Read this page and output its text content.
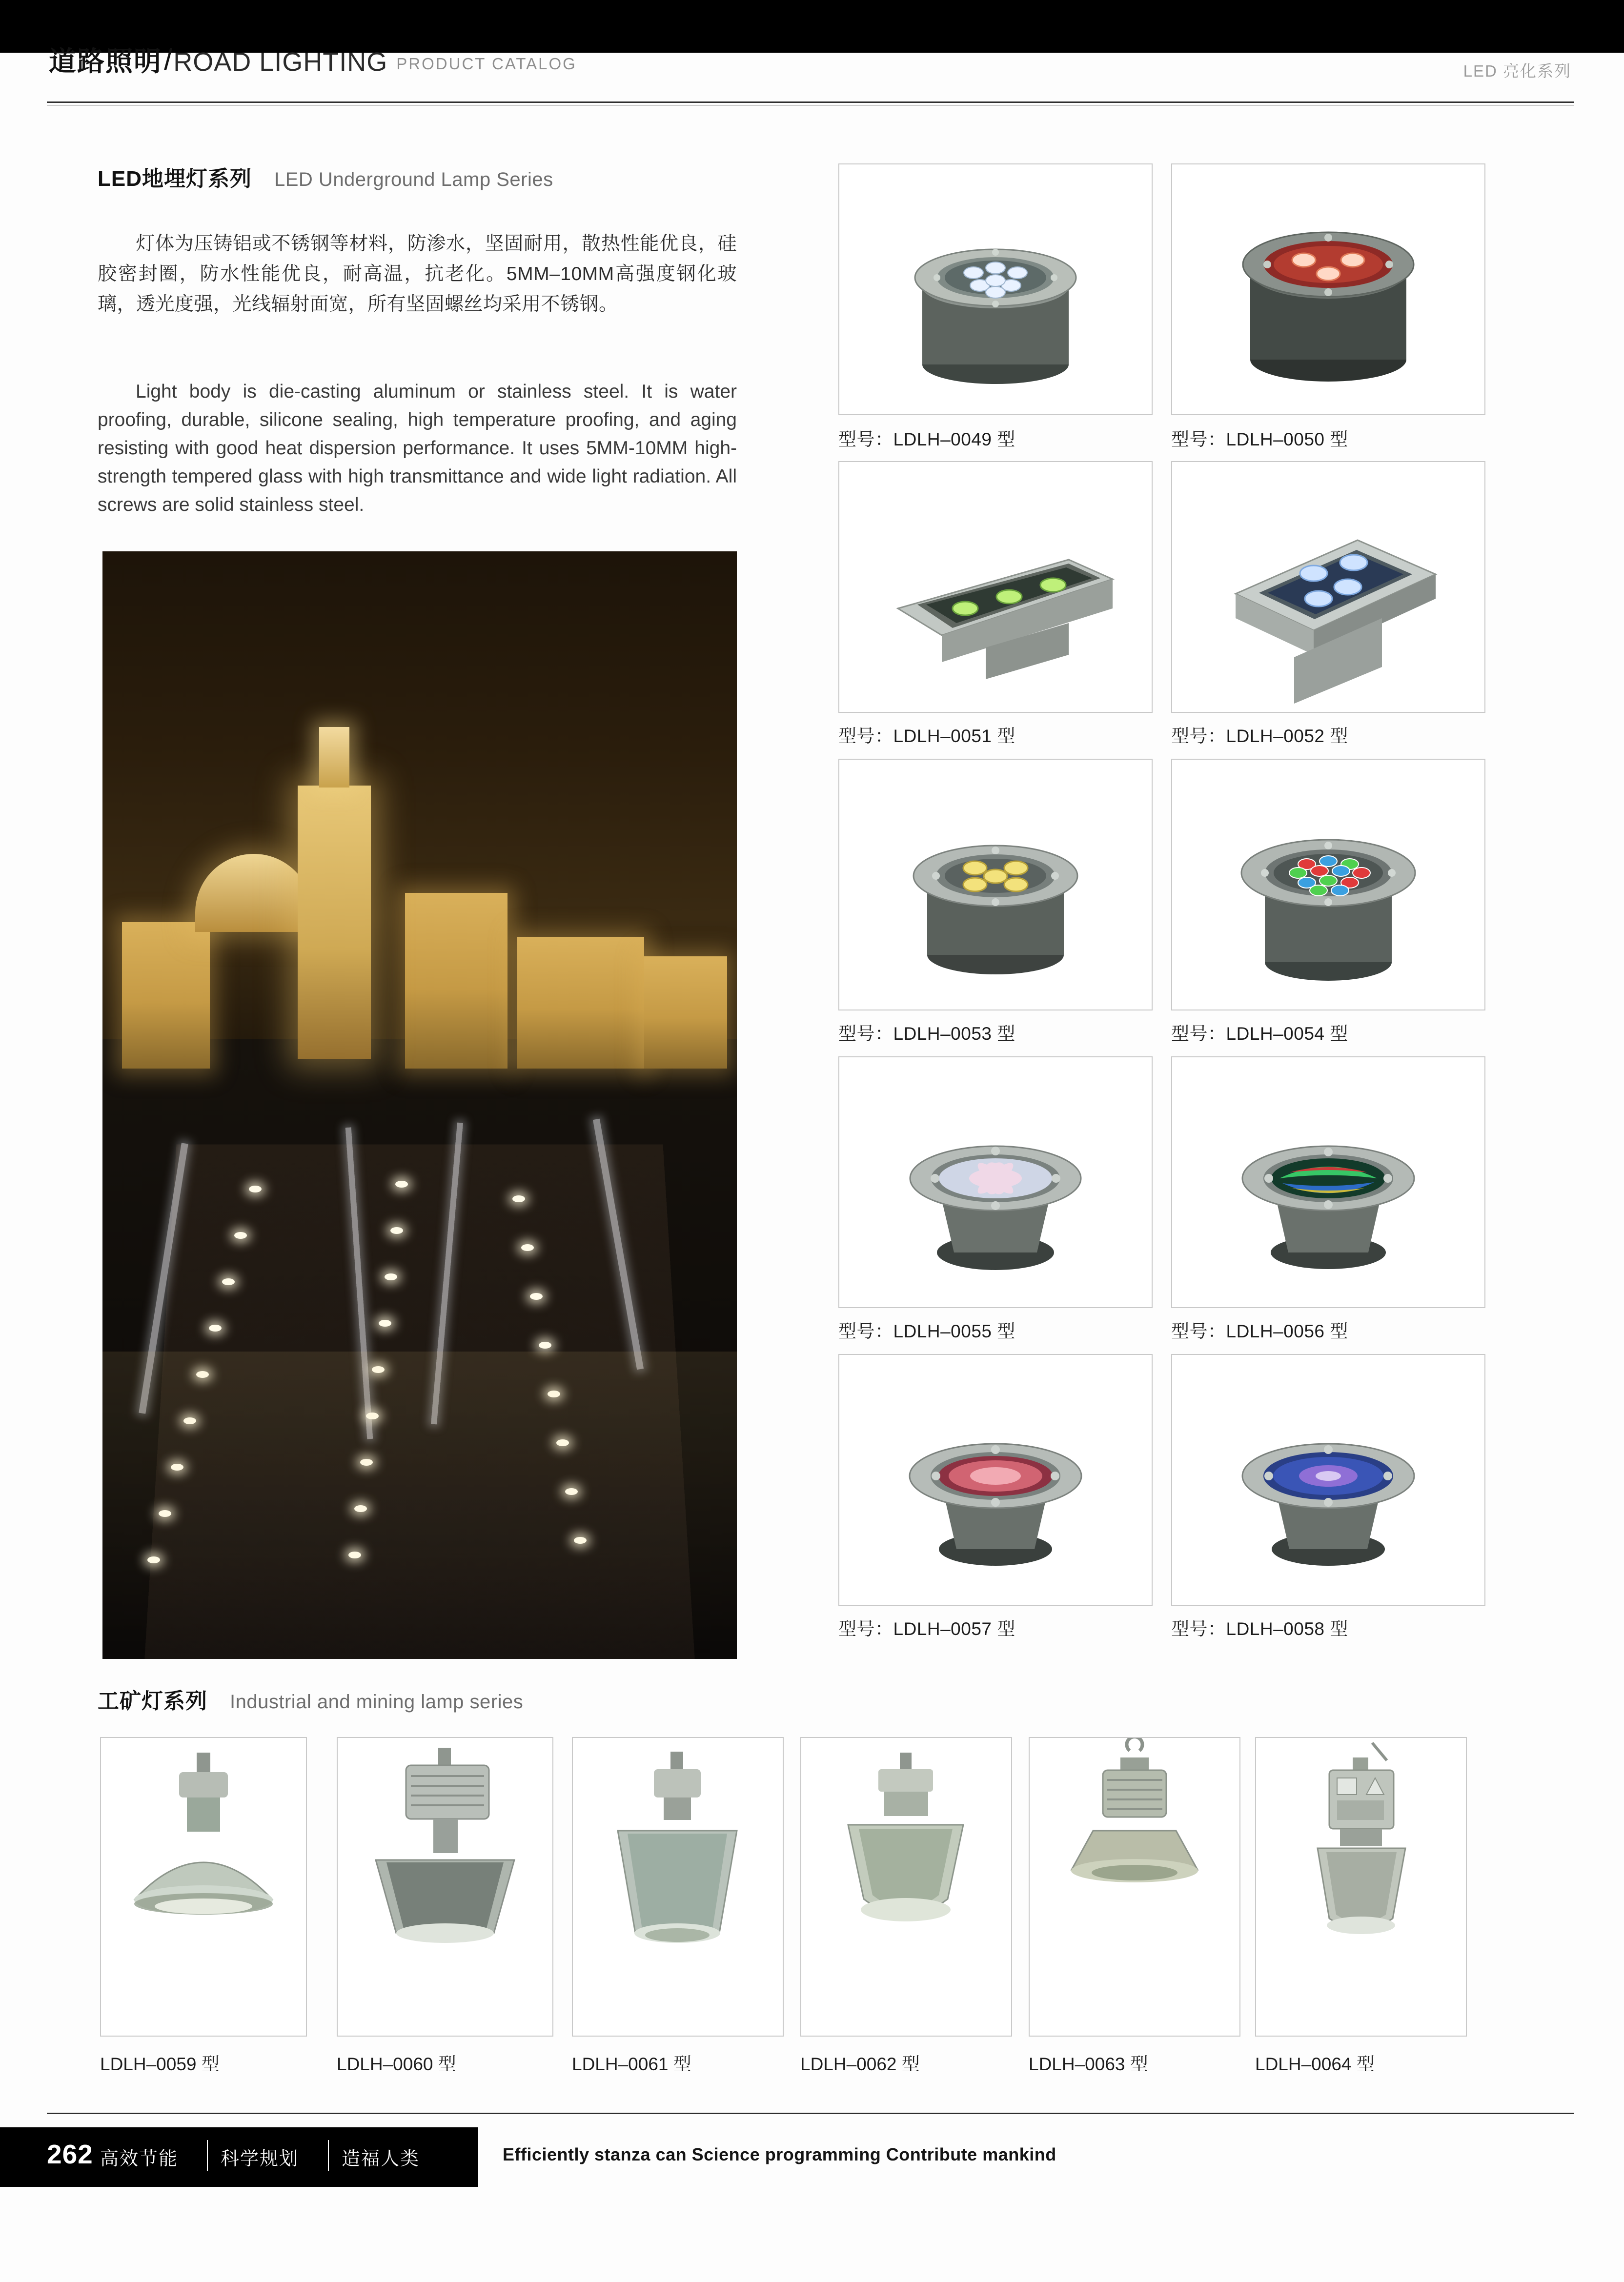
道路照明 / ROAD LIGHTING PRODUCT CATALOG	LED 亮化系列
LED地埋灯系列 LED Underground Lamp Series

灯体为压铸铝或不锈钢等材料，防渗水，坚固耐用，散热性能优良，硅胶密封圈，防水性能优良，耐高温，抗老化。5MM–10MM高强度钢化玻璃，透光度强，光线辐射面宽，所有坚固螺丝均采用不锈钢。

Light body is die-casting aluminum or stainless steel. It is water proofing, durable, silicone sealing, high temperature proofing, and aging resisting with good heat dispersion performance. It uses 5MM-10MM high-strength tempered glass with high transmittance and wide light radiation. All screws are solid stainless steel.

型号：LDLH–0049 型	型号：LDLH–0050 型
型号：LDLH–0051 型	型号：LDLH–0052 型
型号：LDLH–0053 型	型号：LDLH–0054 型
型号：LDLH–0055 型	型号：LDLH–0056 型
型号：LDLH–0057 型	型号：LDLH–0058 型
工矿灯系列 Industrial and mining lamp series
LDLH–0059 型	LDLH–0060 型	LDLH–0061 型	LDLH–0062 型	LDLH–0063 型	LDLH–0064 型
262 高效节能 科学规划 造福人类	Efficiently stanza can Science programming Contribute mankind
